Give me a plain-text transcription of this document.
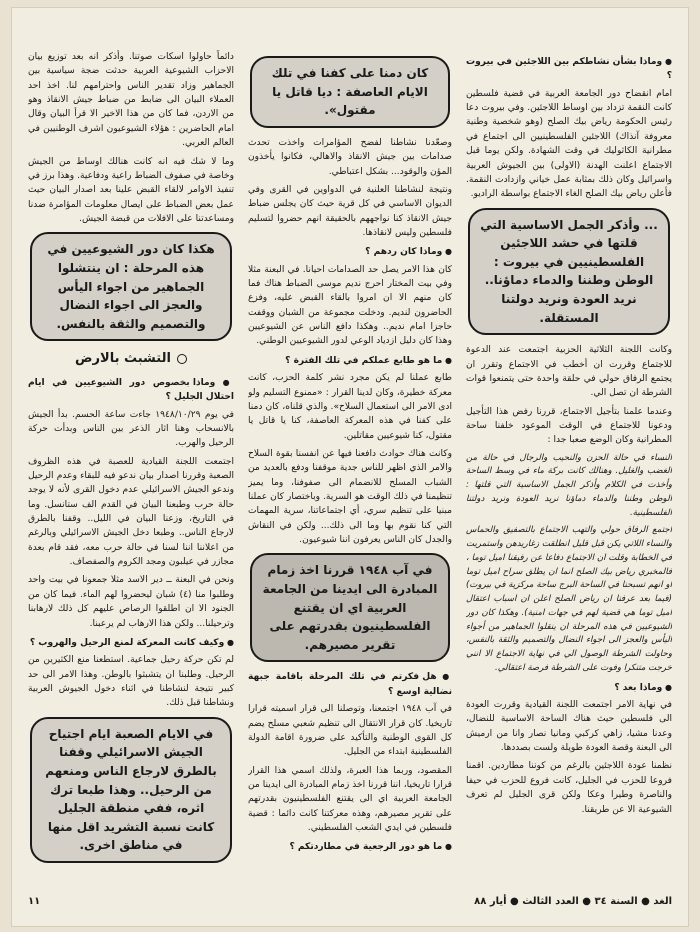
● وماذا بشأن نشاطكم بين اللاجئين في بيروت ؟

امام انقضاح دور الجامعة العربية في قضية فلسطين كانت النقمة تزداد بين اوساط اللاجئين. وفي بيروت دعا رئيس الحكومة رياض بيك الصلح (وهو شخصية وطنية معروفة آنذاك) اللاجئين الفلسطينيين الى اجتماع في مطرانية الكاثوليك في وقت الشهادة. ولكن يوما قبل الاجتماع اعلنت الهدنة (الاولى) بين الجيوش العربية واسرائيل وكان ذلك بمثابة عمل خياني وازدادت النقمة. فأعلن رياض بيك الصلح الغاء الاجتماع بواسطة الراديو.

... وأذكر الجمل الاساسية التي قلتها في حشد اللاجئين الفلسطينيين في بيروت : الوطن وطننا والدماء دماؤنا.. نريد العودة ونريد دولتنا المستقلة.

وكانت اللجنة الثلاثية الحزبية اجتمعت عند الدعوة للاجتماع وقررت ان أخطب في الاجتماع وتقرر ان يجتمع الرفاق حولي في حلقة واحدة حتى يتمنعوا قوات الشرطة ان تصل الي.

وعندما علمنا بتأجيل الاجتماع، قررنا رفض هذا التأجيل ودعونا للاجتماع في الوقت الموعود خلفنا ساحة المطرانية وكان الوضع صعبا جدا :

النساء في حالة الحزن والنحيب والرجال في حالة من الغضب والغليل. وهنالك كانت بركة ماء في وسط الساحة وأخذت في الكلام وأذكر الجمل الاساسية التي قلتها : الوطن وطننا والدماء دماؤنا نريد العودة ونريد دولتنا الفلسطينية.

اجتمع الرفاق حولي والتهب الاجتماع بالتصفيق والحماس والنساء اللاتي يكن قبل قليل انطلقت زغاريدهن واستمريت في الخطابة وقلت ان الاجتماع دفاعا عن رفيقنا اميل توما ، فالمخبري رياض بيك الصلح انما ان يطلق سراح اميل توما او انهم تسبحنا في الساحة البرج ساحة مركزية في بيروت) (فيما بعد عرفنا ان رياض الصلح اعلن ان اسباب اعتقال اميل توما هي قضية لهم في جهات امنية). وهكذا كان دور الشيوعيين في هذه المرحلة ان ينقلوا الجماهير من أجواء اليأس والعجز الى اجواء النضال والتصميم والثقة بالنفس، وحاولت الشرطة الوصول الي في نهاية الاجتماع الا انني خرجت متنكرا وفوت على الشرطة فرصة اعتقالي.

● وماذا بعد ؟

في نهاية الامر اجتمعت اللجنة القيادية وقررت العودة الى فلسطين حيث هناك الساحة الاساسية للنضال، وعدنا مشيا، زاهي كركبي ومانيا نصار وانا من ارميش الى البعنة وقصة العودة طويلة ولست بصددها.

نظمنا عودة اللاجئين بالرغم من كوننا مطاردين. اقمنا فروعا للحزب في الجليل، كانت فروع للحزب في حيفا والناصرة وطيرا وعكا ولكن قرى الجليل لم تعرف الشيوعية الا عن طريقنا.

كان دمنا على كفنا في تلك الايام العاصفة : ديا قاتل يا مقتول».

وصعّدنا نشاطنا لفضح المؤامرات واخذت تحدث صدامات بين جيش الانقاذ والاهالي، فكانوا يأخذون المؤن والوقود... بشكل اعتباطي.

ونتيجة لنشاطنا العلنية في الدواوين في القرى وفي الديوان الاساسي في كل قرية حيث كان يجلس ضباط جيش الانقاذ كنا نواجههم بالحقيقة انهم حضروا لتسليم فلسطين وليس لانقاذها.

● وماذا كان ردهم ؟

كان هذا الامر يصل حد الصدامات احيانا. في البعنة مثلا وفي بيت المختار احرج نديم موسى الضباط هناك فما كان منهم الا ان امروا بالقاء القبض عليه، وفزع الحاضرون لنديم. ودخلت مجموعة من الشبان ووقفت حاجزا امام نديم.. وهكذا دافع الناس عن الشيوعيين وهذا كان دليل ازدياد الوعي لدور الشيوعيين الوطني.

● ما هو طابع عملكم في تلك الفترة ؟

طابع عملنا لم يكن مجرد نشر كلمة الحزب، كانت معركة خطيرة، وكان لدينا القرار : «ممنوع التسليم ولو ادى الامر الى استعمال السلاح». والذي قلناه، كان دمنا على كفنا في هذه المعركة العاصفة، كنا يا قاتل يا مقتول، كنا شيوعيين مقاتلين.

وكانت هناك حوادث دافعنا فيها عن انفسنا بقوة السلاح والامر الذي اظهر للناس جدية موقفنا ودفع بالعديد من الشباب المسلح للانضمام الى صفوفنا، وما يميز تنظيمنا في ذلك الوقت هو السرية. وباختصار كان عملنا مبنيا على تنظيم سري، أي اجتماعاتنا، سرية المهمات التي كنا نقوم بها وما الى ذلك... ولكن في النقاش والجدل كان الناس يعرفون اننا شيوعيون.

في آب ١٩٤٨ قررنا اخذ زمام المبادرة الى ايدينا من الجامعة العربية اي ان يقتنع الفلسطينيون بقدرتهم على تقرير مصيرهم.
● هل فكرتم في تلك المرحلة باقامة جبهة نضالية اوسع ؟

في آب ١٩٤٨ اجتمعنا، وتوصلنا الى قرار اسميته قرارا تاريخيا. كان قرار الانتقال الى تنظيم شعبي مسلح يضم كل القوى الوطنية والتأكيد على ضرورة اقامة الدولة الفلسطينية ابتداء من الجليل.

المقصود، وربما هذا العبرة، ولذلك اسمي هذا القرار قرارا تاريخيا، اننا قررنا اخذ زمام المبادرة الى ايدينا من الجامعة العربية اي الى يقتنع الفلسطينيون بقدرتهم على تقرير مصيرهم، وهذه معركتنا كانت دائما : قضية فلسطين في ايدي الشعب الفلسطيني.

● ما هو دور الرجعية في مطاردتكم ؟

دائماً حاولوا اسكات صوتنا. وأذكر انه بعد توزيع بيان الاحزاب الشيوعية العربية حدثت ضجة سياسية بين الجماهير وزاد تقدير الناس واحترامهم لنا. اخذ احد العملاء البيان الى ضابط من ضباط جيش الانقاذ وهو من الاردن، فما كان من هذا الاخير الا قرأ البيان وقال امام الحاضرين : هؤلاء الشيوعيون اشرف الوطنيين في العالم العربي.

وما لا شك فيه انه كانت هنالك اوساط من الجيش وخاصة في صفوف الضباط راعية ودفاعية. وهذا برز في تنفيذ الاوامر لالقاء القبض علينا بعد اصدار البيان حيث عمل بعض الضباط على ايصال معلومات المؤامرة ضدنا ومساعدتنا على الافلات من قبضة الجيش.

هكذا كان دور الشيوعيين في هذه المرحلة : ان ينتشلوا الجماهير من اجواء اليأس والعجز الى اجواء النضال والتصميم والثقة بالنفس.
التشبث بالارض
● وماذا بخصوص دور الشيوعيين في ايام احتلال الجليل ؟

في يوم ١٩٤٨/١٠/٢٩ جاءت ساعة الحسم. بدأ الجيش بالانسحاب وهنا اثار الذعر بين الناس وبدأت حركة الرحيل والهرب.

اجتمعت اللجنة القيادية للعصبة في هذه الظروف الصعبة وقررنا اصدار بيان ندعو فيه للبقاء وعدم الرحيل وندعو الجيش الاسرائيلي عدم دخول القرى لأنه لا يوجد حالة حرب وطبعنا البيان في القدم الف ستانسل. وما في التاريخ، وزعنا البيان في الليل.. وقفنا بالطرق لارجاع الناس.. وطبعا دخل الجيش الاسرائيلي وبالرغم من اعلاننا اننا لسنا في حالة حرب معه، فقد قام بعدة مجازر في عيلبون ومجد الكروم والصفصاف.

ونحن في البعنة ــ دير الاسد مثلا جمعونا في بيت واحد وطلبوا منا (٤) شبان ليحضروا لهم الماء. فيما كان من الجنود الا ان اطلقوا الرصاص عليهم كل ذلك لارهابنا وترحيلنا... ولكن هذا الارهاب لم يرعبنا.

● وكيف كانت المعركة لمنع الرحيل والهروب ؟

لم تكن حركة رحيل جماعية. استطعنا منع الكثيرين من الرحيل. وطلبنا ان يتشبثوا بالوطن. وهذا الامر الى حد كبير نتيجة لنشاطنا في اثناء دخول الجيوش العربية ونشاطنا قبل ذلك.

في الايام الصعبة ايام اجتياح الجيش الاسرائيلي وقفنا بالطرق لارجاع الناس ومنعهم من الرحيل.. وهذا طبعا ترك اثره، ففي منطقة الجليل كانت نسبة التشريد اقل منها في مناطق اخرى.
الغد ● السنة ٣٤ ● العدد الثالث ● أيار ٨٨
١١
